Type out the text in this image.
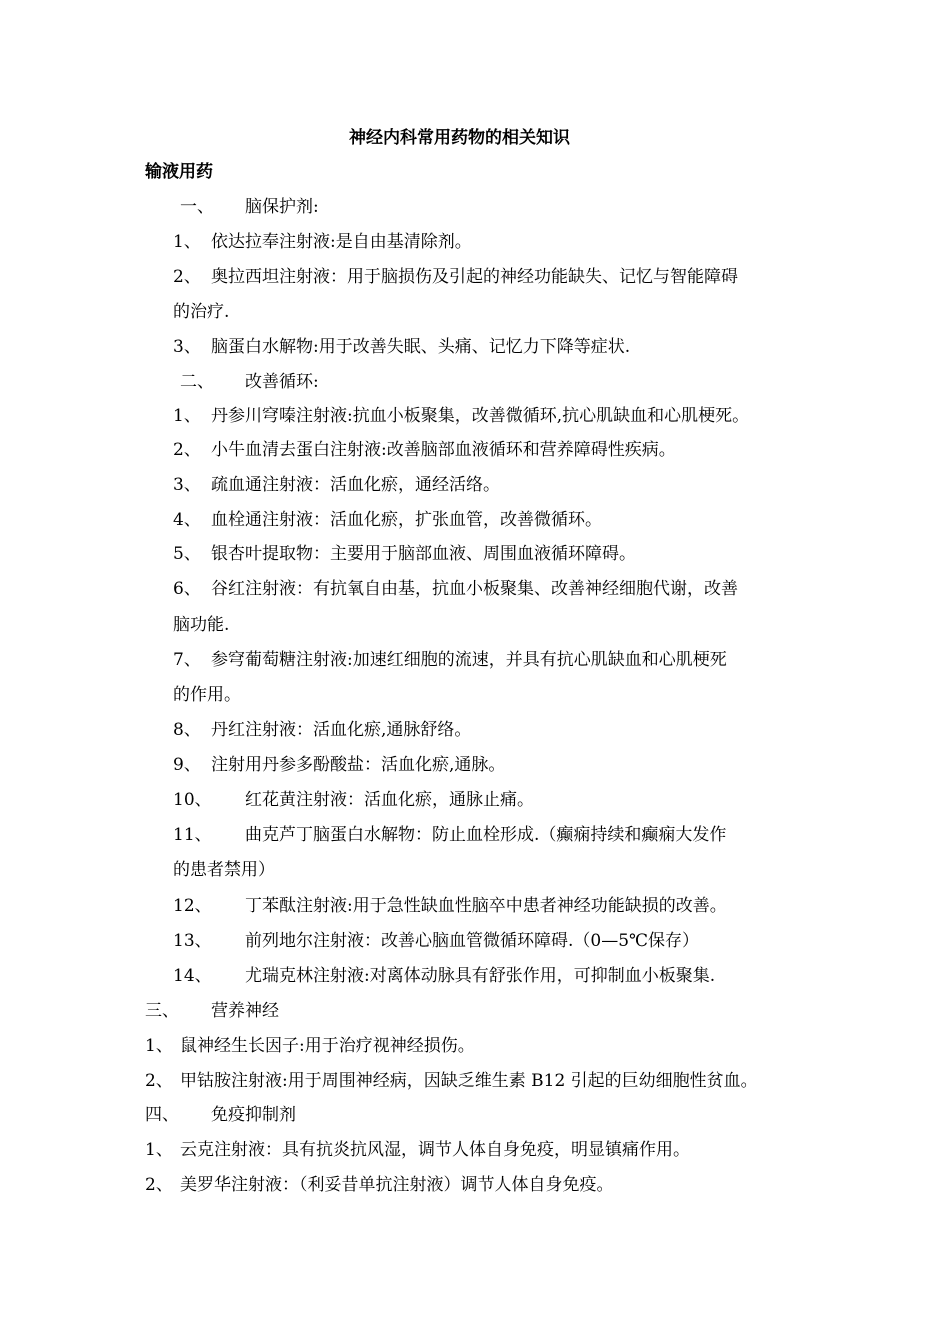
神经内科常用药物的相关知识
输液用药
一、 脑保护剂:
1、 依达拉奉注射液:是自由基清除剂。
2、 奥拉西坦注射液：用于脑损伤及引起的神经功能缺失、记忆与智能障碍
的治疗.
3、 脑蛋白水解物:用于改善失眠、头痛、记忆力下降等症状.
二、 改善循环:
1、 丹参川穹嗪注射液:抗血小板聚集，改善微循环,抗心肌缺血和心肌梗死。
2、 小牛血清去蛋白注射液:改善脑部血液循环和营养障碍性疾病。
3、 疏血通注射液：活血化瘀，通经活络。
4、 血栓通注射液：活血化瘀，扩张血管，改善微循环。
5、 银杏叶提取物：主要用于脑部血液、周围血液循环障碍。
6、 谷红注射液：有抗氧自由基，抗血小板聚集、改善神经细胞代谢，改善
脑功能.
7、 参穹葡萄糖注射液:加速红细胞的流速，并具有抗心肌缺血和心肌梗死
的作用。
8、 丹红注射液：活血化瘀,通脉舒络。
9、 注射用丹参多酚酸盐：活血化瘀,通脉。
10、 红花黄注射液：活血化瘀，通脉止痛。
11、 曲克芦丁脑蛋白水解物：防止血栓形成.（癫痫持续和癫痫大发作
的患者禁用）
12、 丁苯酞注射液:用于急性缺血性脑卒中患者神经功能缺损的改善。
13、 前列地尔注射液：改善心脑血管微循环障碍.（0—5℃保存）
14、 尤瑞克林注射液:对离体动脉具有舒张作用，可抑制血小板聚集.
三、 营养神经
1、 鼠神经生长因子:用于治疗视神经损伤。
2、 甲钴胺注射液:用于周围神经病，因缺乏维生素 B12 引起的巨幼细胞性贫血。
四、 免疫抑制剂
1、 云克注射液：具有抗炎抗风湿，调节人体自身免疫，明显镇痛作用。
2、 美罗华注射液：（利妥昔单抗注射液）调节人体自身免疫。
